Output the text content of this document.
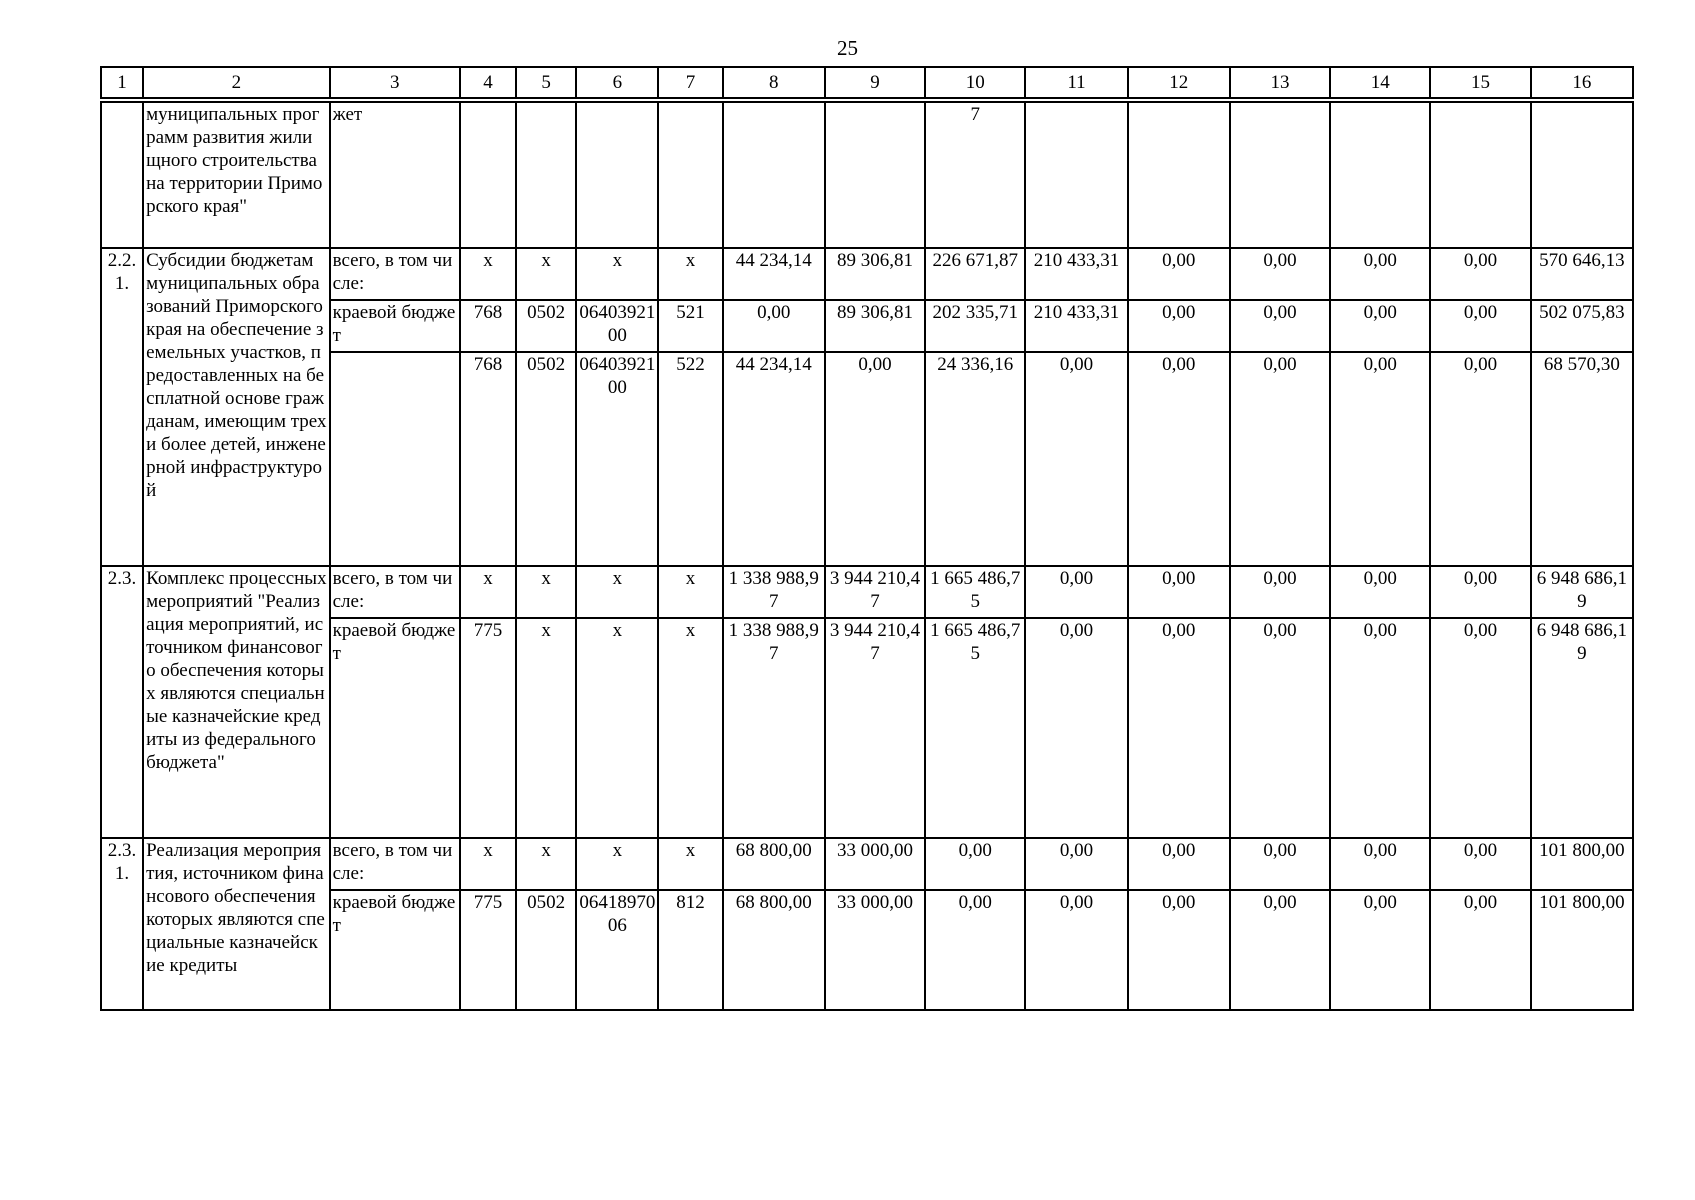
25
1	2	3	4	5	6	7	8	9	10	11	12	13	14	15	16

	муниципальных программ развития жилищного строительства на территории Приморского края"	жет							7						
2.2.1.	Субсидии бюджетам муниципальных образований Приморского края на обеспечение земельных участков, предоставленных на бесплатной основе гражданам, имеющим трех и более детей, инженерной инфраструктурой	всего, в том числе:	x	x	x	x	44 234,14	89 306,81	226 671,87	210 433,31	0,00	0,00	0,00	0,00	570 646,13
		краевой бюджет	768	0502	0640392100	521	0,00	89 306,81	202 335,71	210 433,31	0,00	0,00	0,00	0,00	502 075,83
			768	0502	0640392100	522	44 234,14	0,00	24 336,16	0,00	0,00	0,00	0,00	0,00	68 570,30
2.3.	Комплекс процессных мероприятий "Реализация мероприятий, источником финансового обеспечения которых являются специальные казначейские кредиты из федерального бюджета"	всего, в том числе:	x	x	x	x	1 338 988,97	3 944 210,47	1 665 486,75	0,00	0,00	0,00	0,00	0,00	6 948 686,19
		краевой бюджет	775	x	x	x	1 338 988,97	3 944 210,47	1 665 486,75	0,00	0,00	0,00	0,00	0,00	6 948 686,19
2.3.1.	Реализация мероприятия, источником финансового обеспечения которых являются специальные казначейские кредиты	всего, в том числе:	x	x	x	x	68 800,00	33 000,00	0,00	0,00	0,00	0,00	0,00	0,00	101 800,00
		краевой бюджет	775	0502	0641897006	812	68 800,00	33 000,00	0,00	0,00	0,00	0,00	0,00	0,00	101 800,00
